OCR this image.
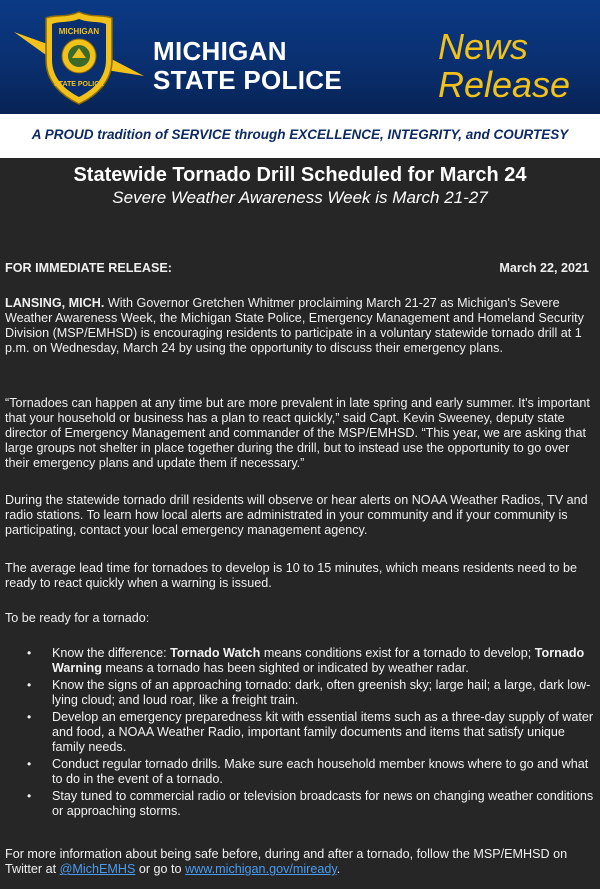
MICHIGAN
STATE POLICE
MICHIGAN
STATE POLICE
News
Release
A PROUD tradition of SERVICE through EXCELLENCE, INTEGRITY, and COURTESY
Statewide Tornado Drill Scheduled for March 24
Severe Weather Awareness Week is March 21-27
FOR IMMEDIATE RELEASE:	March 22, 2021
LANSING, MICH. With Governor Gretchen Whitmer proclaiming March 21-27 as Michigan's Severe Weather Awareness Week, the Michigan State Police, Emergency Management and Homeland Security Division (MSP/EMHSD) is encouraging residents to participate in a voluntary statewide tornado drill at 1 p.m. on Wednesday, March 24 by using the opportunity to discuss their emergency plans.
“Tornadoes can happen at any time but are more prevalent in late spring and early summer. It's important that your household or business has a plan to react quickly,” said Capt. Kevin Sweeney, deputy state director of Emergency Management and commander of the MSP/EMHSD. “This year, we are asking that large groups not shelter in place together during the drill, but to instead use the opportunity to go over their emergency plans and update them if necessary.”
During the statewide tornado drill residents will observe or hear alerts on NOAA Weather Radios, TV and radio stations. To learn how local alerts are administrated in your community and if your community is participating, contact your local emergency management agency.
The average lead time for tornadoes to develop is 10 to 15 minutes, which means residents need to be ready to react quickly when a warning is issued.
To be ready for a tornado:
• Know the difference: Tornado Watch means conditions exist for a tornado to develop; Tornado Warning means a tornado has been sighted or indicated by weather radar.
• Know the signs of an approaching tornado: dark, often greenish sky; large hail; a large, dark low-lying cloud; and loud roar, like a freight train.
• Develop an emergency preparedness kit with essential items such as a three-day supply of water and food, a NOAA Weather Radio, important family documents and items that satisfy unique family needs.
• Conduct regular tornado drills. Make sure each household member knows where to go and what to do in the event of a tornado.
• Stay tuned to commercial radio or television broadcasts for news on changing weather conditions or approaching storms.
For more information about being safe before, during and after a tornado, follow the MSP/EMHSD on Twitter at @MichEMHS or go to www.michigan.gov/miready.
